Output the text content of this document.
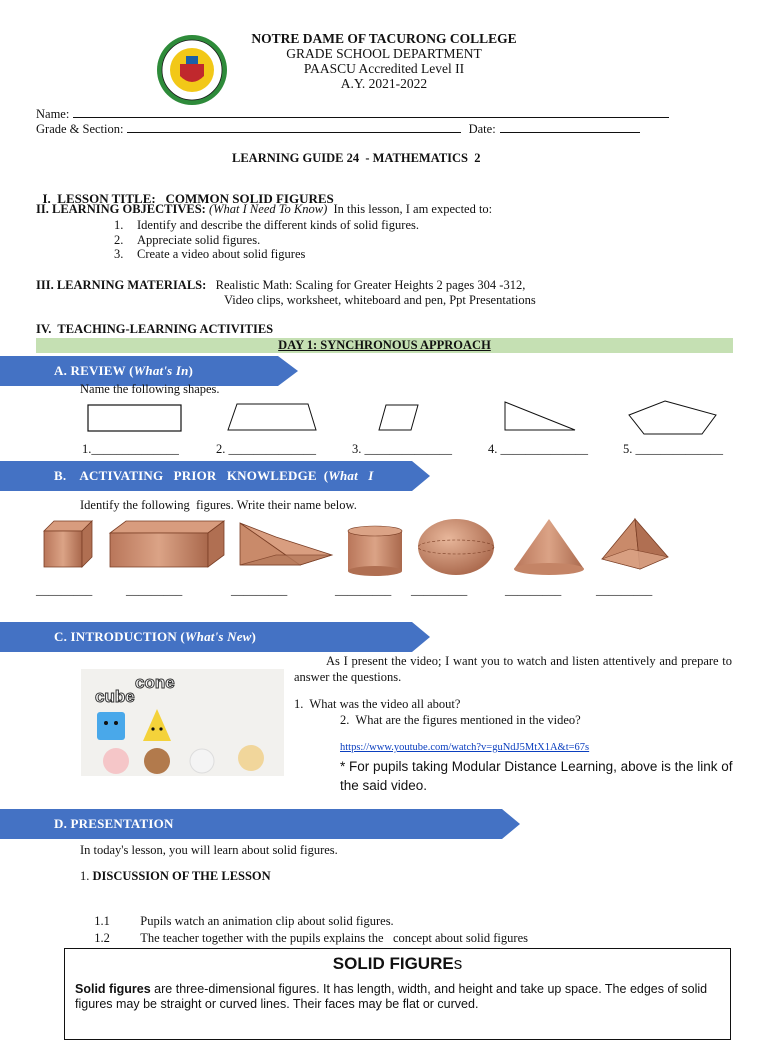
NOTRE DAME OF TACURONG COLLEGE
GRADE SCHOOL DEPARTMENT
PAASCU Accredited Level II
A.Y. 2021-2022
Name:
Grade & Section:	Date:
LEARNING GUIDE 24  - MATHEMATICS  2

I.  LESSON TITLE: COMMON SOLID FIGURES

II. LEARNING OBJECTIVES: (What I Need To Know) In this lesson, I am expected to:
1. Identify and describe the different kinds of solid figures.
2. Appreciate solid figures.
3. Create a video about solid figures
III. LEARNING MATERIALS: Realistic Math: Scaling for Greater Heights 2 pages 304 -312,
Video clips, worksheet, whiteboard and pen, Ppt Presentations
IV.  TEACHING-LEARNING ACTIVITIES
DAY 1: SYNCHRONOUS APPROACH
A. REVIEW (What's In)
Name the following shapes.
1.______________	2. ______________	3. ______________	4. ______________	5. ______________
B.    ACTIVATING   PRIOR   KNOWLEDGE  (What   I
Identify the following  figures. Write their name below.
_________	_________	_________	_________ _________	_________	_________
C. INTRODUCTION (What's New)
cube
cone
As I present the video; I want you to watch and listen attentively and prepare to answer the questions.
1.  What was the video all about?
2.  What are the figures mentioned in the video?
https://www.youtube.com/watch?v=guNdJ5MtX1A&t=67s
* For pupils taking Modular Distance Learning, above is the link of the said video.
D. PRESENTATION
In today's lesson, you will learn about solid figures.
1. DISCUSSION OF THE LESSON

1.1 Pupils watch an animation clip about solid figures.

1.2 The teacher together with the pupils explains the   concept about solid figures

SOLID FIGUREs
Solid figures are three-dimensional figures. It has length, width, and height and take up space. The edges of solid figures may be straight or curved lines. Their faces may be flat or curved.
